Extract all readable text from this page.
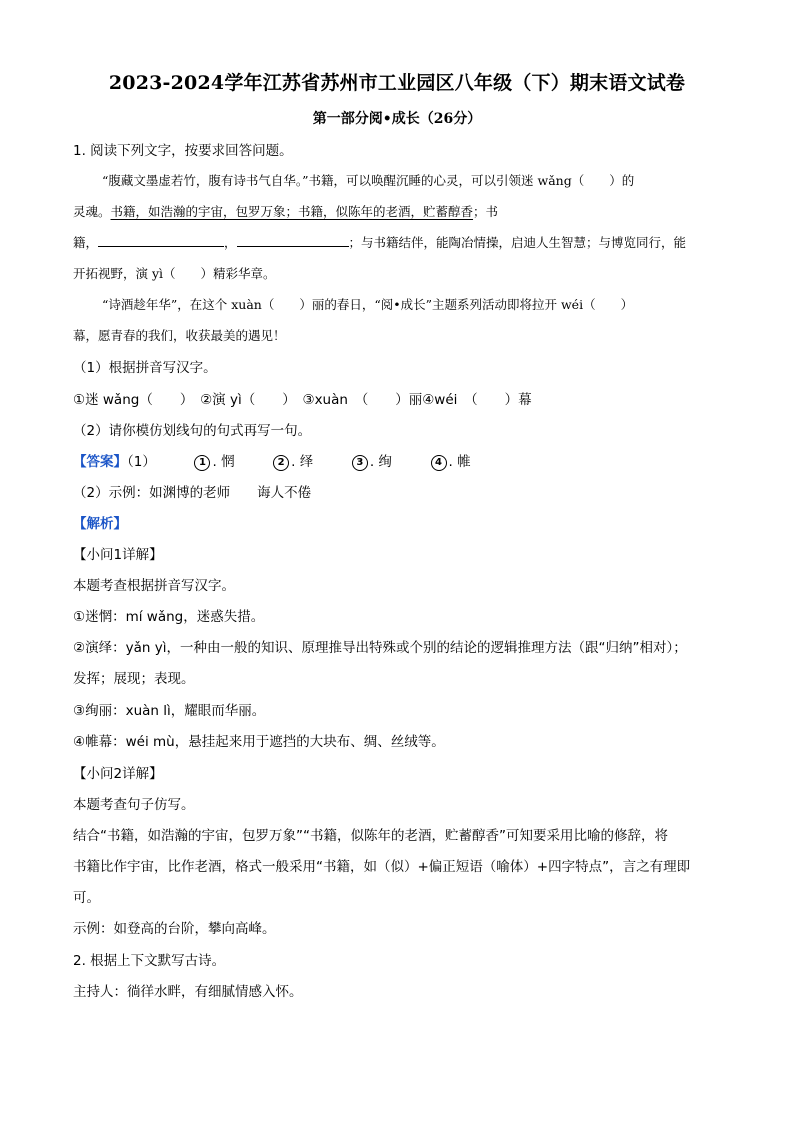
2023-2024学年江苏省苏州市工业园区八年级（下）期末语文试卷
第一部分阅•成长（26分）
1. 阅读下列文字，按要求回答问题。
“腹藏文墨虚若竹，腹有诗书气自华。”书籍，可以唤醒沉睡的心灵，可以引领迷 wǎng（　　）的
灵魂。书籍，如浩瀚的宇宙，包罗万象；书籍，似陈年的老酒，贮蓄醇香；书
籍，	，	；与书籍结伴，能陶冶情操，启迪人生智慧；与博览同行，能
开拓视野，演 yì（　　）精彩华章。
“诗酒趁年华”，在这个 xuàn（　　）丽的春日，“阅•成长”主题系列活动即将拉开 wéi（　　）
幕，愿青春的我们，收获最美的遇见！
（1）根据拼音写汉字。
①迷 wǎng（　　）　②演 yì（　　）　③xuàn　（　　）丽④wéi　（　　）幕
（2）请你模仿划线句的句式再写一句。
【答案】（1）	1 . 惘	2 . 绎	3 . 绚	4 . 帷
（2）示例：如渊博的老师　　诲人不倦
【解析】
【小问1详解】
本题考查根据拼音写汉字。
①迷惘：mí wǎng，迷惑失措。
②演绎：yǎn yì，一种由一般的知识、原理推导出特殊或个别的结论的逻辑推理方法（跟“归纳”相对）；
发挥；展现；表现。
③绚丽：xuàn lì，耀眼而华丽。
④帷幕：wéi mù，悬挂起来用于遮挡的大块布、绸、丝绒等。
【小问2详解】
本题考查句子仿写。
结合“书籍，如浩瀚的宇宙，包罗万象”“书籍，似陈年的老酒，贮蓄醇香”可知要采用比喻的修辞，将
书籍比作宇宙，比作老酒，格式一般采用“书籍，如（似）+偏正短语（喻体）+四字特点”，言之有理即
可。
示例：如登高的台阶，攀向高峰。
2. 根据上下文默写古诗。
主持人：徜徉水畔，有细腻情感入怀。
